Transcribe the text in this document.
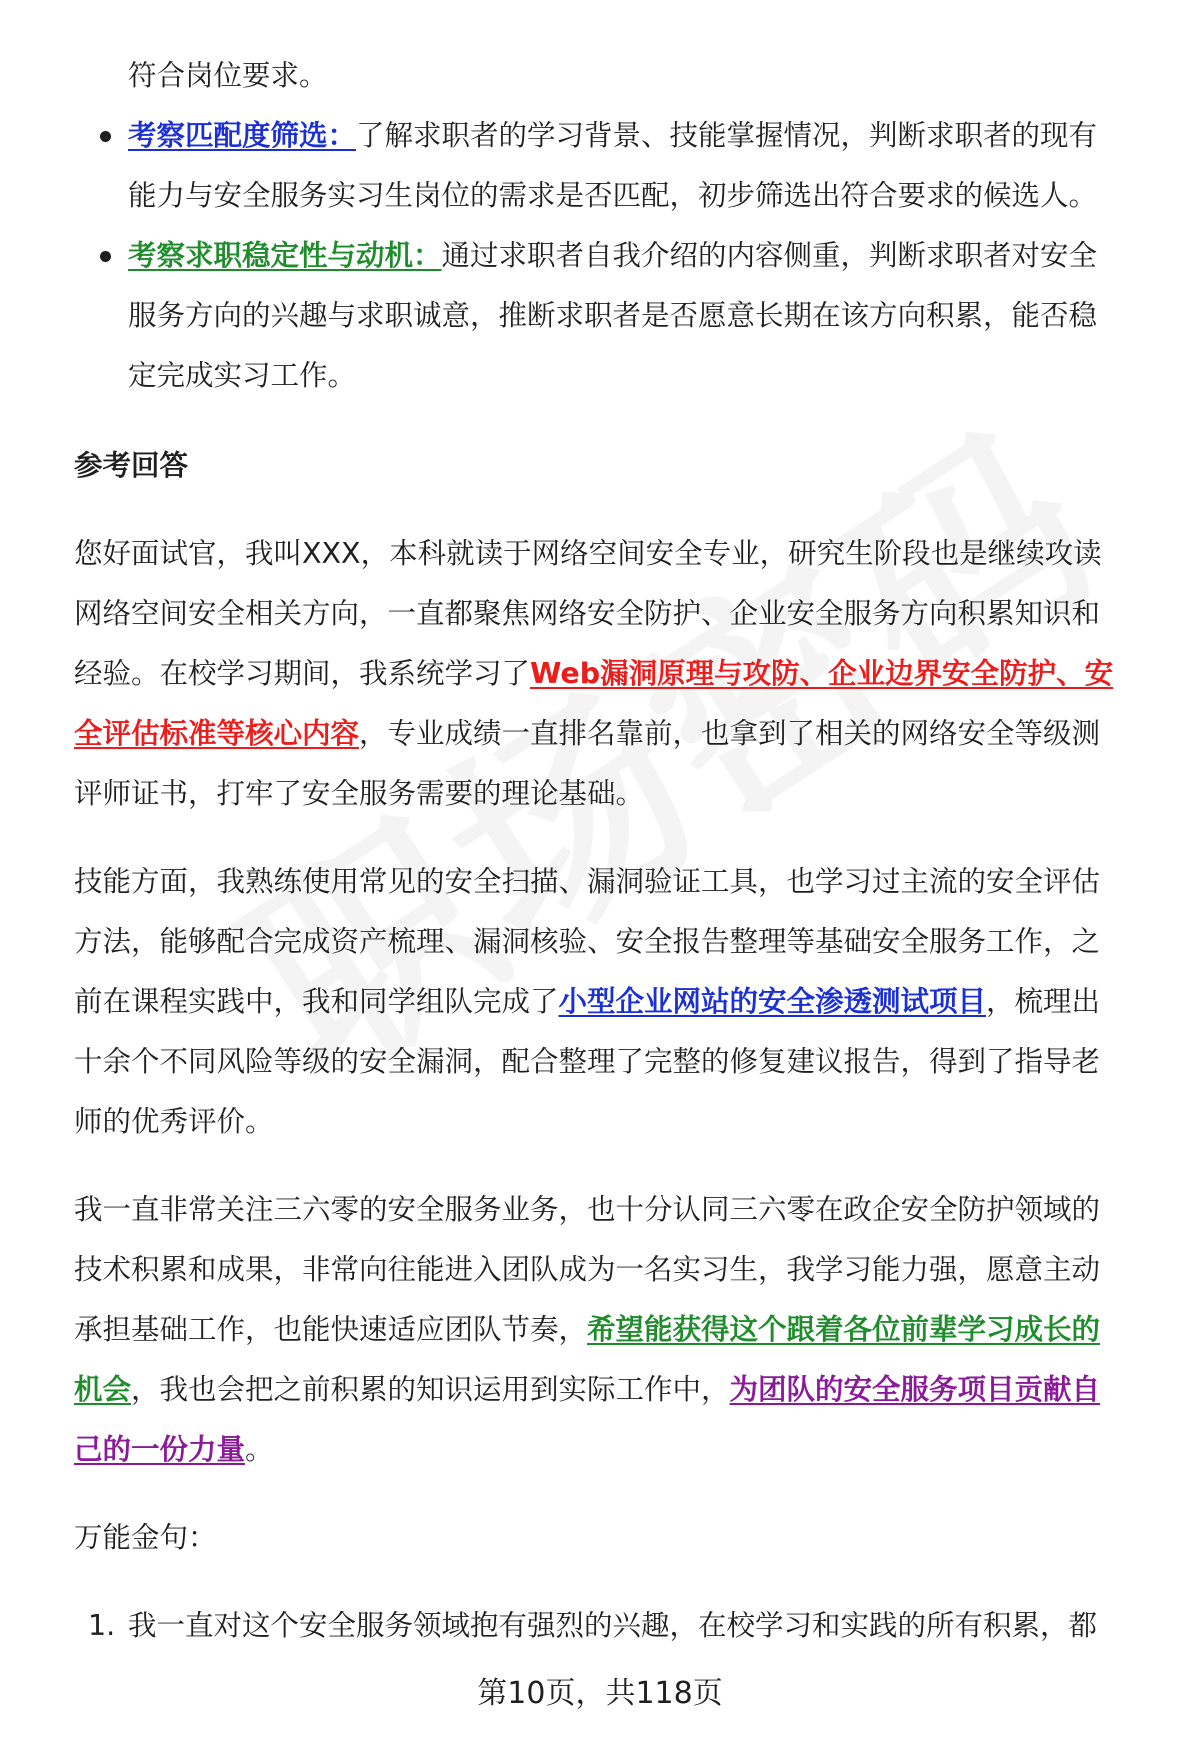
符合岗位要求。

考察匹配度筛选：了解求职者的学习背景、技能掌握情况，判断求职者的现有
能力与安全服务实习生岗位的需求是否匹配，初步筛选出符合要求的候选人。
考察求职稳定性与动机：通过求职者自我介绍的内容侧重，判断求职者对安全
服务方向的兴趣与求职诚意，推断求职者是否愿意长期在该方向积累，能否稳
定完成实习工作。

参考回答

您好面试官，我叫XXX，本科就读于网络空间安全专业，研究生阶段也是继续攻读
网络空间安全相关方向，一直都聚焦网络安全防护、企业安全服务方向积累知识和
经验。在校学习期间，我系统学习了Web漏洞原理与攻防、企业边界安全防护、安
全评估标准等核心内容，专业成绩一直排名靠前，也拿到了相关的网络安全等级测
评师证书，打牢了安全服务需要的理论基础。

技能方面，我熟练使用常见的安全扫描、漏洞验证工具，也学习过主流的安全评估
方法，能够配合完成资产梳理、漏洞核验、安全报告整理等基础安全服务工作，之
前在课程实践中，我和同学组队完成了小型企业网站的安全渗透测试项目，梳理出
十余个不同风险等级的安全漏洞，配合整理了完整的修复建议报告，得到了指导老
师的优秀评价。

我一直非常关注三六零的安全服务业务，也十分认同三六零在政企安全防护领域的
技术积累和成果，非常向往能进入团队成为一名实习生，我学习能力强，愿意主动
承担基础工作，也能快速适应团队节奏，希望能获得这个跟着各位前辈学习成长的
机会，我也会把之前积累的知识运用到实际工作中，为团队的安全服务项目贡献自
己的一份力量。

万能金句：

1. 我一直对这个安全服务领域抱有强烈的兴趣，在校学习和实践的所有积累，都
第10页，共118页
